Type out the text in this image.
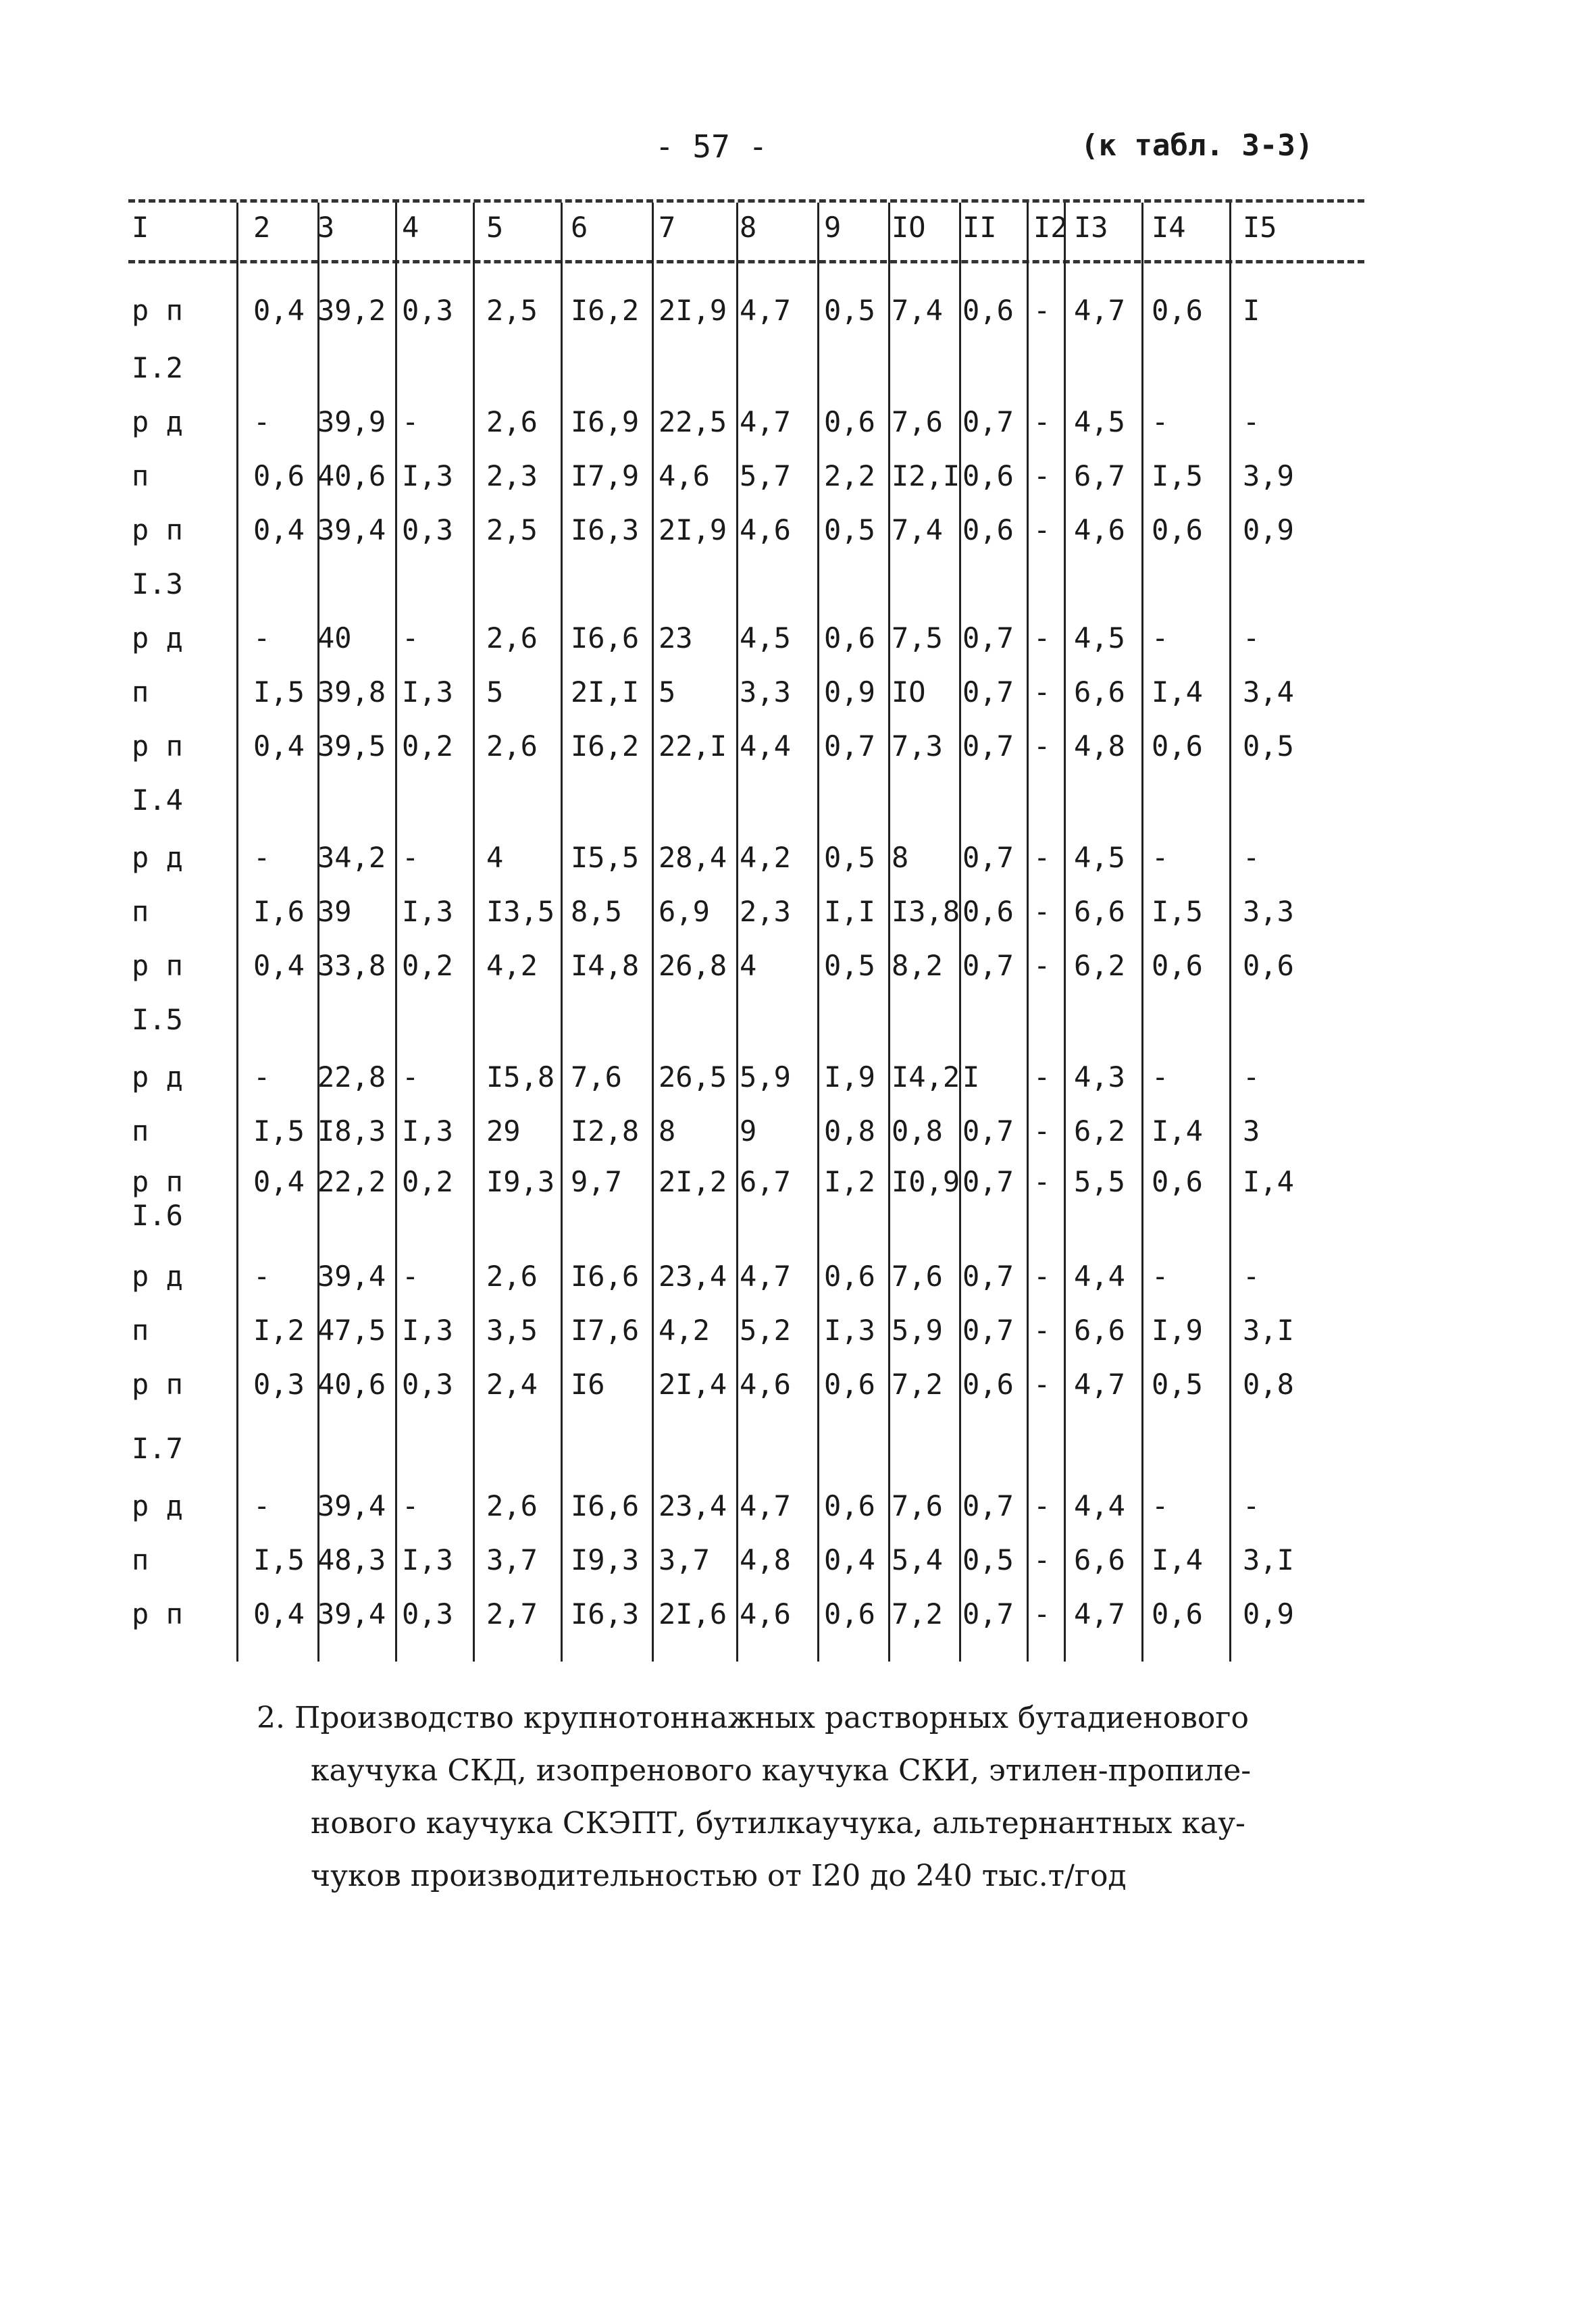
- 57 -	(к табл. 3-3)
I	2 3 4 5 6 7 8 9 IO II I2 I3 I4 I5
р п 0,4 39,2 0,3 2,5 I6,2 2I,9 4,7 0,5 7,4 0,6 - 4,7 0,6 I
I.2
р д - 39,9 - 2,6 I6,9 22,5 4,7 0,6 7,6 0,7 - 4,5 -	-
п	0,6 40,6 I,3 2,3 I7,9 4,6 5,7 2,2 I2,I 0,6 - 6,7 I,5 3,9
р п 0,4 39,4 0,3 2,5 I6,3 2I,9 4,6 0,5 7,4 0,6 - 4,6 0,6 0,9
I.3
р д - 40 - 2,6 I6,6 23 4,5 0,6 7,5 0,7 - 4,5 -	-
п	I,5 39,8 I,3 5 2I,I 5 3,3 0,9 IO 0,7 - 6,6 I,4 3,4
р п 0,4 39,5 0,2 2,6 I6,2 22,I 4,4 0,7 7,3 0,7 - 4,8 0,6 0,5
I.4
р д - 34,2 - 4 I5,5 28,4 4,2 0,5 8 0,7 - 4,5 -	-
п	I,6 39 I,3 I3,5 8,5 6,9 2,3 I,I I3,8 0,6 - 6,6 I,5 3,3
р п 0,4 33,8 0,2 4,2 I4,8 26,8 4 0,5 8,2 0,7 - 6,2 0,6 0,6
I.5
р д - 22,8 - I5,8 7,6 26,5 5,9 I,9 I4,2 I - 4,3 -	-
п	I,5 I8,3 I,3 29 I2,8 8 9 0,8 0,8 0,7 - 6,2 I,4 3
р п 0,4 22,2 0,2 I9,3 9,7 2I,2 6,7 I,2 I0,9 0,7 - 5,5 0,6 I,4
I.6
р д - 39,4 - 2,6 I6,6 23,4 4,7 0,6 7,6 0,7 - 4,4 -	-
п	I,2 47,5 I,3 3,5 I7,6 4,2 5,2 I,3 5,9 0,7 - 6,6 I,9 3,I
р п 0,3 40,6 0,3 2,4 I6 2I,4 4,6 0,6 7,2 0,6 - 4,7 0,5 0,8
I.7
р д - 39,4 - 2,6 I6,6 23,4 4,7 0,6 7,6 0,7 - 4,4 -	-
п	I,5 48,3 I,3 3,7 I9,3 3,7 4,8 0,4 5,4 0,5 - 6,6 I,4 3,I
р п 0,4 39,4 0,3 2,7 I6,3 2I,6 4,6 0,6 7,2 0,7 - 4,7 0,6 0,9
2. Производство крупнотоннажных растворных бутадиенового
каучука СКД, изопренового каучука СКИ, этилен-пропиле-
нового каучука СКЭПТ, бутилкаучука, альтернантных кау-
чуков производительностью от I20 до 240 тыс.т/год
